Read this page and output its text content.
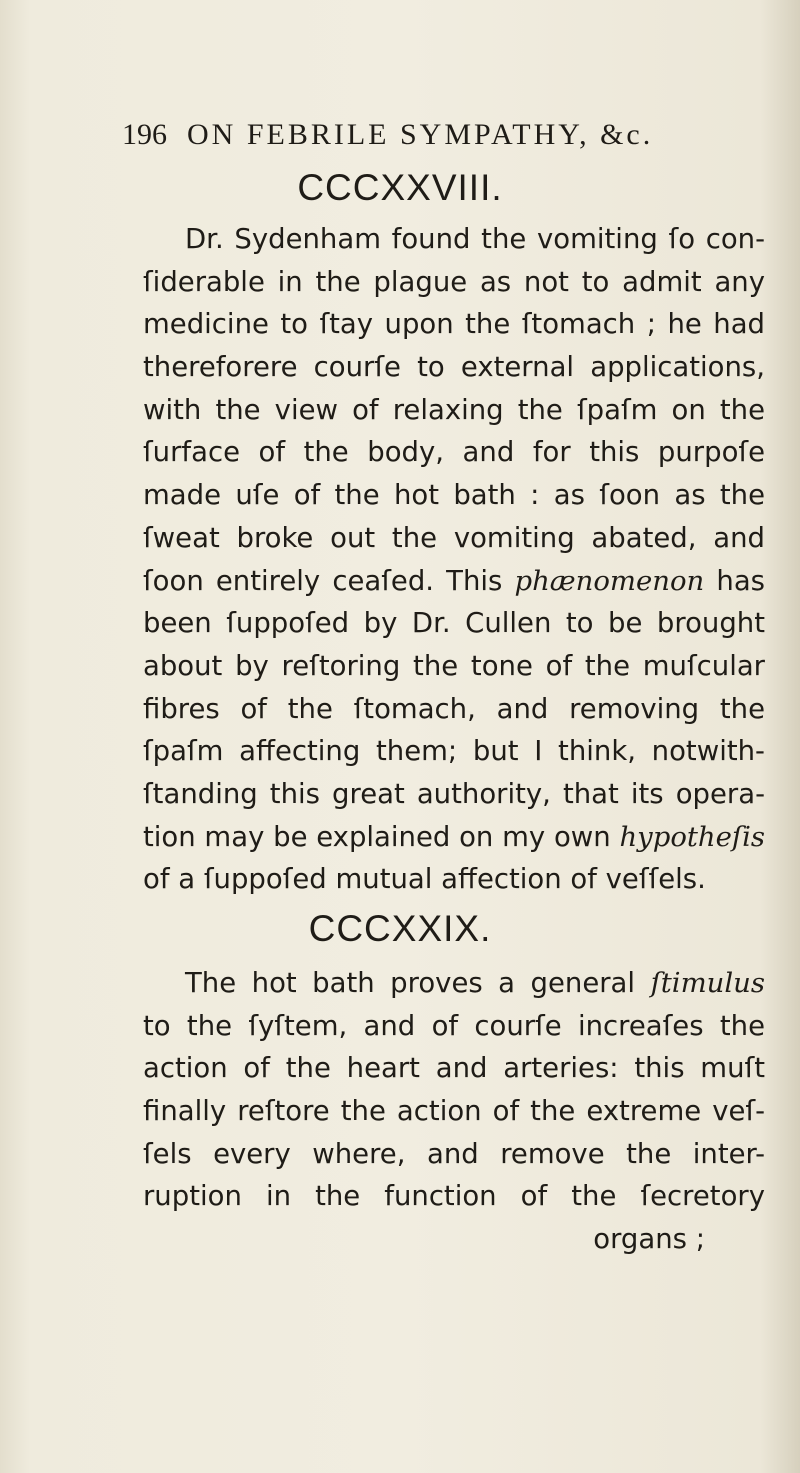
196 ON FEBRILE SYMPATHY, &c.
CCCXXVIII.
Dr. Sydenham found the vomiting ſo con-
ſiderable in the plague as not to admit any
medicine to ſtay upon the ſtomach ; he had
thereforere courſe to external applications,
with the view of relaxing the ſpaſm on the
ſurface of the body, and for this purpoſe
made uſe of the hot bath : as ſoon as the
ſweat broke out the vomiting abated, and
ſoon entirely ceaſed. This phænomenon has
been ſuppoſed by Dr. Cullen to be brought
about by reſtoring the tone of the muſcular
fibres of the ſtomach, and removing the
ſpaſm affecting them; but I think, notwith-
ſtanding this great authority, that its opera-
tion may be explained on my own hypotheſis
of a ſuppoſed mutual affection of veſſels.
CCCXXIX.
The hot bath proves a general ſtimulus
to the ſyſtem, and of courſe increaſes the
action of the heart and arteries: this muſt
finally reſtore the action of the extreme veſ-
ſels every where, and remove the inter-
ruption in the function of the ſecretory
organs ;
